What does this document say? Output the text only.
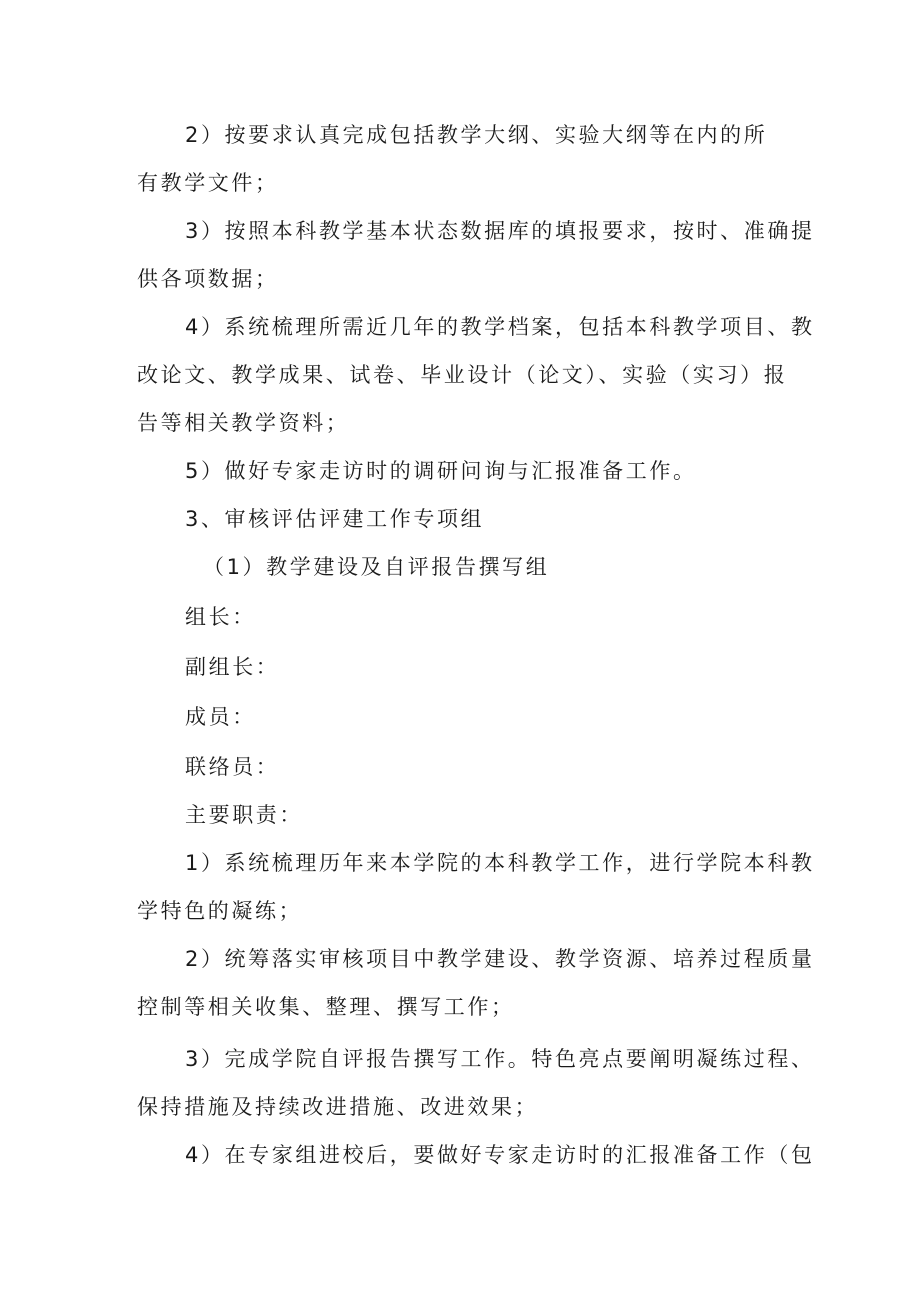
2）按要求认真完成包括教学大纲、实验大纲等在内的所
有教学文件；
3）按照本科教学基本状态数据库的填报要求，按时、准确提
供各项数据；
4）系统梳理所需近几年的教学档案，包括本科教学项目、教
改论文、教学成果、试卷、毕业设计（论文）、实验（实习）报
告等相关教学资料；
5）做好专家走访时的调研问询与汇报准备工作。
3、审核评估评建工作专项组
（1）教学建设及自评报告撰写组
组长：
副组长：
成员：
联络员：
主要职责：
1）系统梳理历年来本学院的本科教学工作，进行学院本科教
学特色的凝练；
2）统筹落实审核项目中教学建设、教学资源、培养过程质量
控制等相关收集、整理、撰写工作；
3）完成学院自评报告撰写工作。特色亮点要阐明凝练过程、
保持措施及持续改进措施、改进效果；
4）在专家组进校后，要做好专家走访时的汇报准备工作（包
